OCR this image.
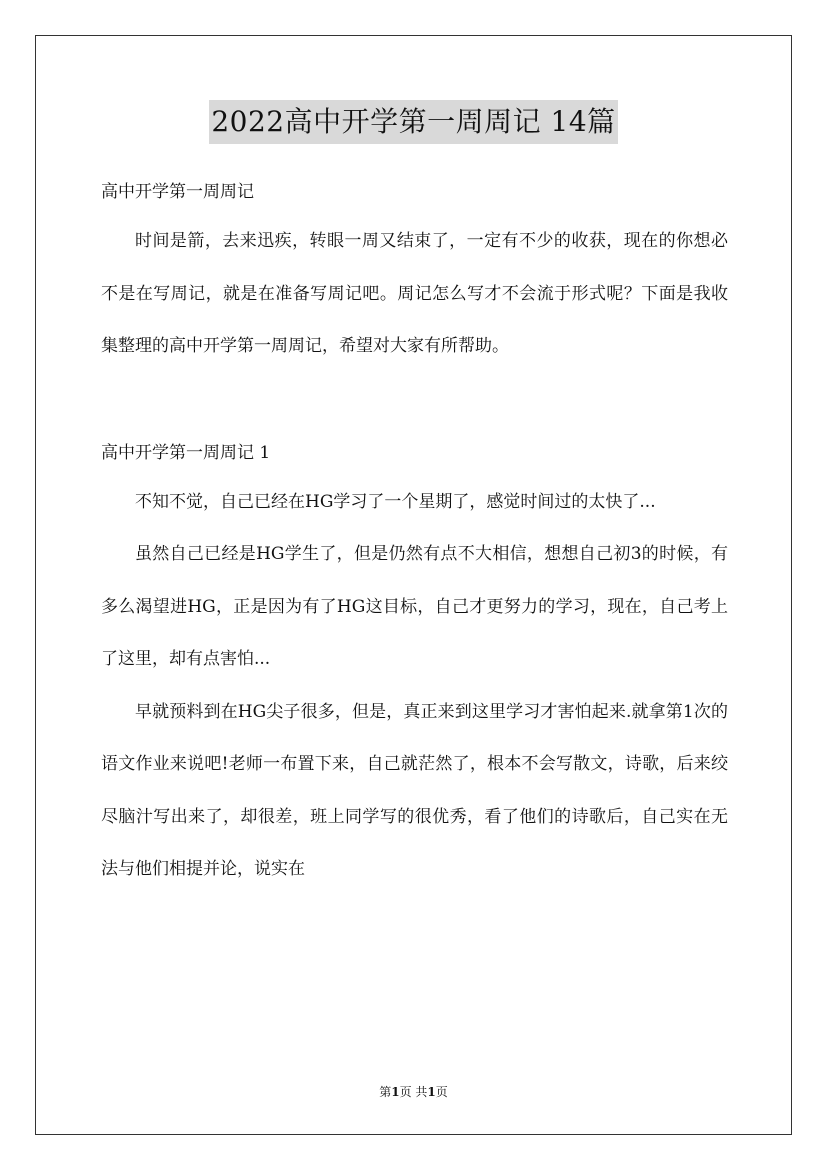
2022高中开学第一周周记 14篇
高中开学第一周周记

时间是箭，去来迅疾，转眼一周又结束了，一定有不少的收获，现在的你想必不是在写周记，就是在准备写周记吧。周记怎么写才不会流于形式呢？下面是我收集整理的高中开学第一周周记，希望对大家有所帮助。

高中开学第一周周记 1

不知不觉，自己已经在HG学习了一个星期了，感觉时间过的太快了...

虽然自己已经是HG学生了，但是仍然有点不大相信，想想自己初3的时候，有多么渴望进HG，正是因为有了HG这目标，自己才更努力的学习，现在，自己考上了这里，却有点害怕...

早就预料到在HG尖子很多，但是，真正来到这里学习才害怕起来.就拿第1次的语文作业来说吧!老师一布置下来，自己就茫然了，根本不会写散文，诗歌，后来绞尽脑汁写出来了，却很差，班上同学写的很优秀，看了他们的诗歌后，自己实在无法与他们相提并论，说实在

第1页 共1页
